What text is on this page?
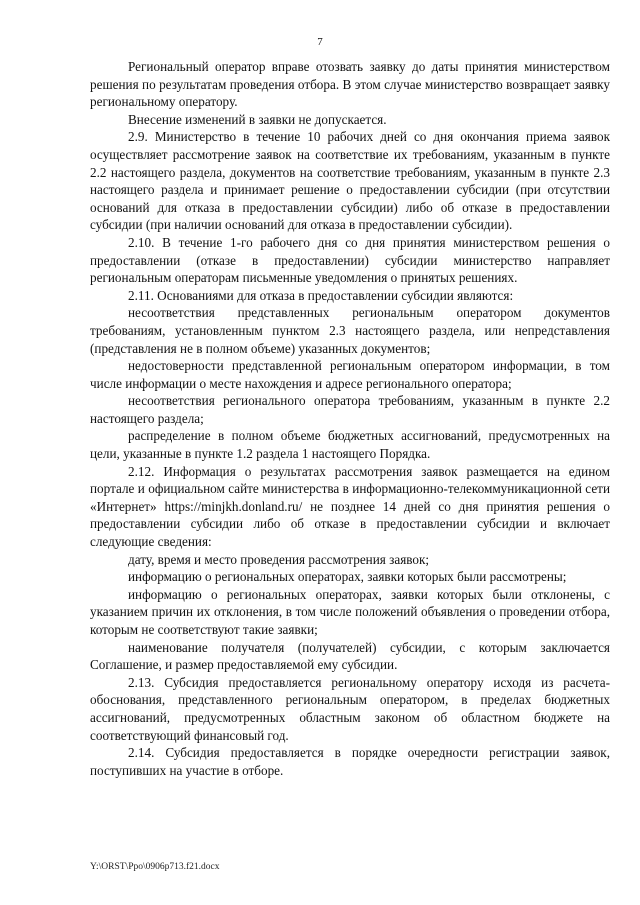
7

Региональный оператор вправе отозвать заявку до даты принятия министерством решения по результатам проведения отбора. В этом случае министерство возвращает заявку региональному оператору.

Внесение изменений в заявки не допускается.

2.9. Министерство в течение 10 рабочих дней со дня окончания приема заявок осуществляет рассмотрение заявок на соответствие их требованиям, указанным в пункте 2.2 настоящего раздела, документов на соответствие требованиям, указанным в пункте 2.3 настоящего раздела и принимает решение о предоставлении субсидии (при отсутствии оснований для отказа в предоставлении субсидии) либо об отказе в предоставлении субсидии (при наличии оснований для отказа в предоставлении субсидии).

2.10. В течение 1-го рабочего дня со дня принятия министерством решения о предоставлении (отказе в предоставлении) субсидии министерство направляет региональным операторам письменные уведомления о принятых решениях.

2.11. Основаниями для отказа в предоставлении субсидии являются:

несоответствия представленных региональным оператором документов требованиям, установленным пунктом 2.3 настоящего раздела, или непредставления (представления не в полном объеме) указанных документов;

недостоверности представленной региональным оператором информации, в том числе информации о месте нахождения и адресе регионального оператора;

несоответствия регионального оператора требованиям, указанным в пункте 2.2 настоящего раздела;

распределение в полном объеме бюджетных ассигнований, предусмотренных на цели, указанные в пункте 1.2 раздела 1 настоящего Порядка.

2.12. Информация о результатах рассмотрения заявок размещается на едином портале и официальном сайте министерства в информационно-телекоммуникационной сети «Интернет» https://minjkh.donland.ru/ не позднее 14 дней со дня принятия решения о предоставлении субсидии либо об отказе в предоставлении субсидии и включает следующие сведения:

дату, время и место проведения рассмотрения заявок;

информацию о региональных операторах, заявки которых были рассмотрены;

информацию о региональных операторах, заявки которых были отклонены, с указанием причин их отклонения, в том числе положений объявления о проведении отбора, которым не соответствуют такие заявки;

наименование получателя (получателей) субсидии, с которым заключается Соглашение, и размер предоставляемой ему субсидии.

2.13. Субсидия предоставляется региональному оператору исходя из расчета-обоснования, представленного региональным оператором, в пределах бюджетных ассигнований, предусмотренных областным законом об областном бюджете на соответствующий финансовый год.

2.14. Субсидия предоставляется в порядке очередности регистрации заявок, поступивших на участие в отборе.

Y:\ORST\Ppo\0906p713.f21.docx
